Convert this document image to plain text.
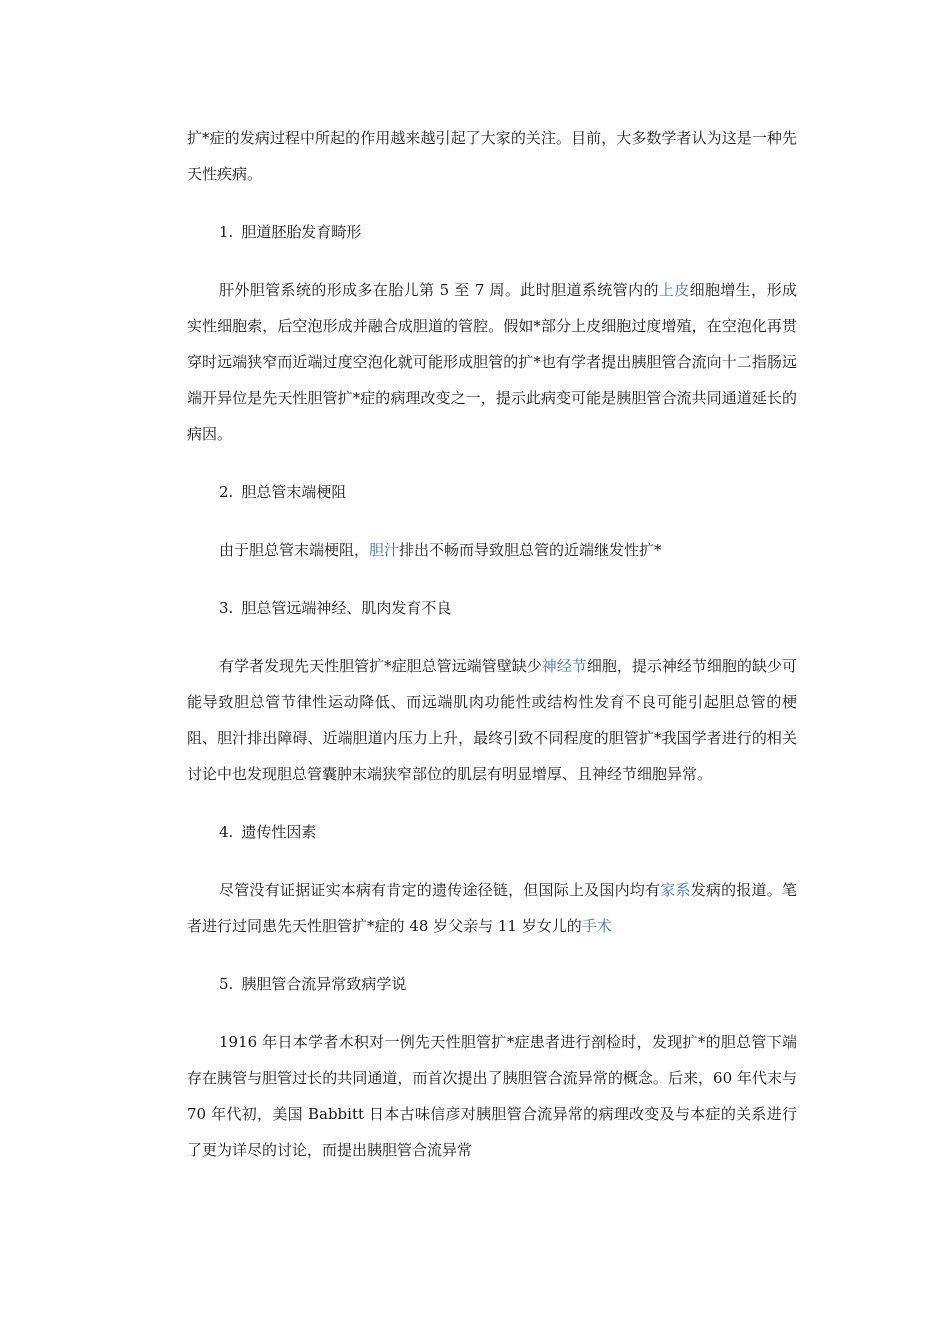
扩*症的发病过程中所起的作用越来越引起了大家的关注。目前，大多数学者认为这是一种先天性疾病。

1. 胆道胚胎发育畸形

肝外胆管系统的形成多在胎儿第 5 至 7 周。此时胆道系统管内的上皮细胞增生，形成实性细胞索，后空泡形成并融合成胆道的管腔。假如*部分上皮细胞过度增殖，在空泡化再贯穿时远端狭窄而近端过度空泡化就可能形成胆管的扩*也有学者提出胰胆管合流向十二指肠远端开异位是先天性胆管扩*症的病理改变之一，提示此病变可能是胰胆管合流共同通道延长的病因。

2. 胆总管末端梗阻

由于胆总管末端梗阻，胆汁排出不畅而导致胆总管的近端继发性扩*

3. 胆总管远端神经、肌肉发育不良

有学者发现先天性胆管扩*症胆总管远端管壁缺少神经节细胞，提示神经节细胞的缺少可能导致胆总管节律性运动降低、而远端肌肉功能性或结构性发育不良可能引起胆总管的梗阻、胆汁排出障碍、近端胆道内压力上升，最终引致不同程度的胆管扩*我国学者进行的相关讨论中也发现胆总管囊肿末端狭窄部位的肌层有明显增厚、且神经节细胞异常。

4. 遗传性因素

尽管没有证据证实本病有肯定的遗传途径链，但国际上及国内均有家系发病的报道。笔者进行过同患先天性胆管扩*症的 48 岁父亲与 11 岁女儿的手术

5. 胰胆管合流异常致病学说

1916 年日本学者木积对一例先天性胆管扩*症患者进行剖检时，发现扩*的胆总管下端存在胰管与胆管过长的共同通道，而首次提出了胰胆管合流异常的概念。后来，60 年代末与 70 年代初，美国 Babbitt 日本古味信彦对胰胆管合流异常的病理改变及与本症的关系进行了更为详尽的讨论，而提出胰胆管合流异常
